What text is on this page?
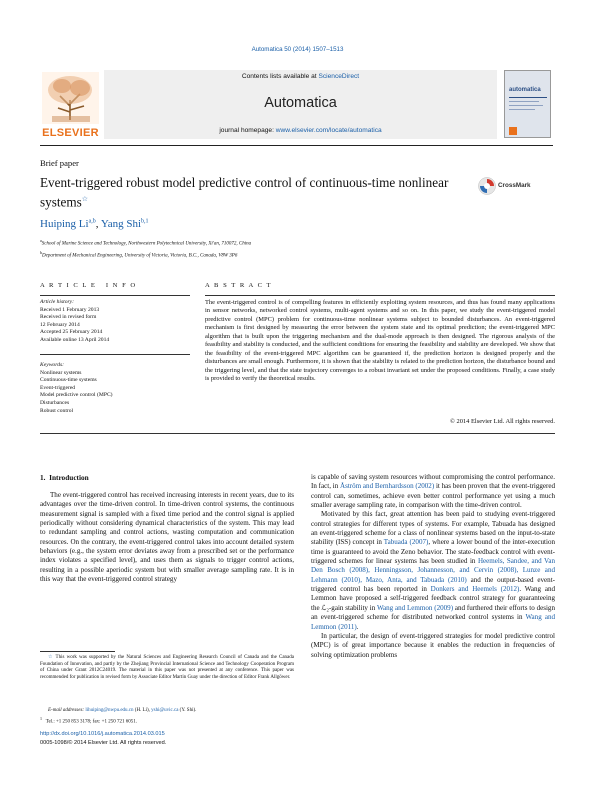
Automatica 50 (2014) 1507–1513
ELSEVIER
Contents lists available at ScienceDirect
Automatica
journal homepage: www.elsevier.com/locate/automatica
automatica
Brief paper
Event-triggered robust model predictive control of continuous-time nonlinear systems☆
CrossMark
Huiping Li$^{a,b}$, Yang Shi$^{b,1}$
$^a$School of Marine Science and Technology, Northwestern Polytechnical University, Xi'an, 710072, China
$^b$Department of Mechanical Engineering, University of Victoria, Victoria, B.C., Canada, V8W 3P6
A R T I C L E   I N F O
Article history:
Received 1 February 2013
Received in revised form
12 February 2014
Accepted 25 February 2014
Available online 13 April 2014
Keywords:
Nonlinear systems
Continuous-time systems
Event-triggered
Model predictive control (MPC)
Disturbances
Robust control
A B S T R A C T
The event-triggered control is of compelling features in efficiently exploiting system resources, and thus has found many applications in sensor networks, networked control systems, multi-agent systems and so on. In this paper, we study the event-triggered model predictive control (MPC) problem for continuous-time nonlinear systems subject to bounded disturbances. An event-triggered mechanism is first designed by measuring the error between the system state and its optimal prediction; the event-triggered MPC algorithm that is built upon the triggering mechanism and the dual-mode approach is then designed. The rigorous analysis of the feasibility and stability is conducted, and the sufficient conditions for ensuring the feasibility and stability are developed. We show that the feasibility of the event-triggered MPC algorithm can be guaranteed if, the prediction horizon is designed properly and the disturbances are small enough. Furthermore, it is shown that the stability is related to the prediction horizon, the disturbance bound and the triggering level, and that the state trajectory converges to a robust invariant set under the proposed conditions. Finally, a case study is provided to verify the theoretical results.
© 2014 Elsevier Ltd. All rights reserved.
1.  Introduction
The event-triggered control has received increasing interests in recent years, due to its advantages over the time-driven control. In time-driven control systems, the continuous measurement signal is sampled with a fixed time period and the control signal is applied periodically without considering dynamical characteristics of the system. This may lead to redundant sampling and control actions, wasting computation and communication resources. On the contrary, the event-triggered control takes into account detailed system behaviors (e.g., the system error deviates away from a prescribed set or the performance index violates a specified level), and uses them as signals to trigger control actions, resulting in a possible aperiodic system but with smaller average sampling rate. It is in this way that the event-triggered control strategy

is capable of saving system resources without compromising the control performance. In fact, in Åström and Bernhardsson (2002) it has been proven that the event-triggered control can, sometimes, achieve even better control performance yet using a much smaller average sampling rate, in comparison with the time-driven control.

Motivated by this fact, great attention has been paid to studying event-triggered control strategies for different types of systems. For example, Tabuada has designed an event-triggered scheme for a class of nonlinear systems based on the input-to-state stability (ISS) concept in Tabuada (2007), where a lower bound of the inter-execution time is guaranteed to avoid the Zeno behavior. The state-feedback control with event-triggered schemes for linear systems has been studied in Heemels, Sandee, and Van Den Bosch (2008), Henningsson, Johannesson, and Cervin (2008), Lunze and Lehmann (2010), Mazo, Anta, and Tabuada (2010) and the output-based event-triggered control has been reported in Donkers and Heemels (2012). Wang and Lemmon have proposed a self-triggered feedback control strategy for guaranteeing the ℒ₂-gain stability in Wang and Lemmon (2009) and furthered their efforts to design an event-triggered scheme for distributed networked control systems in Wang and Lemmon (2011).

In particular, the design of event-triggered strategies for model predictive control (MPC) is of great importance because it enables the reduction in frequencies of solving optimization problems

☆ This work was supported by the Natural Sciences and Engineering Research Council of Canada and the Canada Foundation of Innovation, and partly by the Zhejiang Provincial International Science and Technology Cooperation Program of China under Grant 2012C24019. The material in this paper was not presented at any conference. This paper was recommended for publication in revised form by Associate Editor Martin Guay under the direction of Editor Frank Allgöwer.
E-mail addresses: lihuiping@nwpu.edu.cn (H. Li), yshi@uvic.ca (Y. Shi).
$^1$   Tel.: +1 250 853 3178; fax: +1 250 721 6051.
http://dx.doi.org/10.1016/j.automatica.2014.03.015
0005-1098/© 2014 Elsevier Ltd. All rights reserved.
